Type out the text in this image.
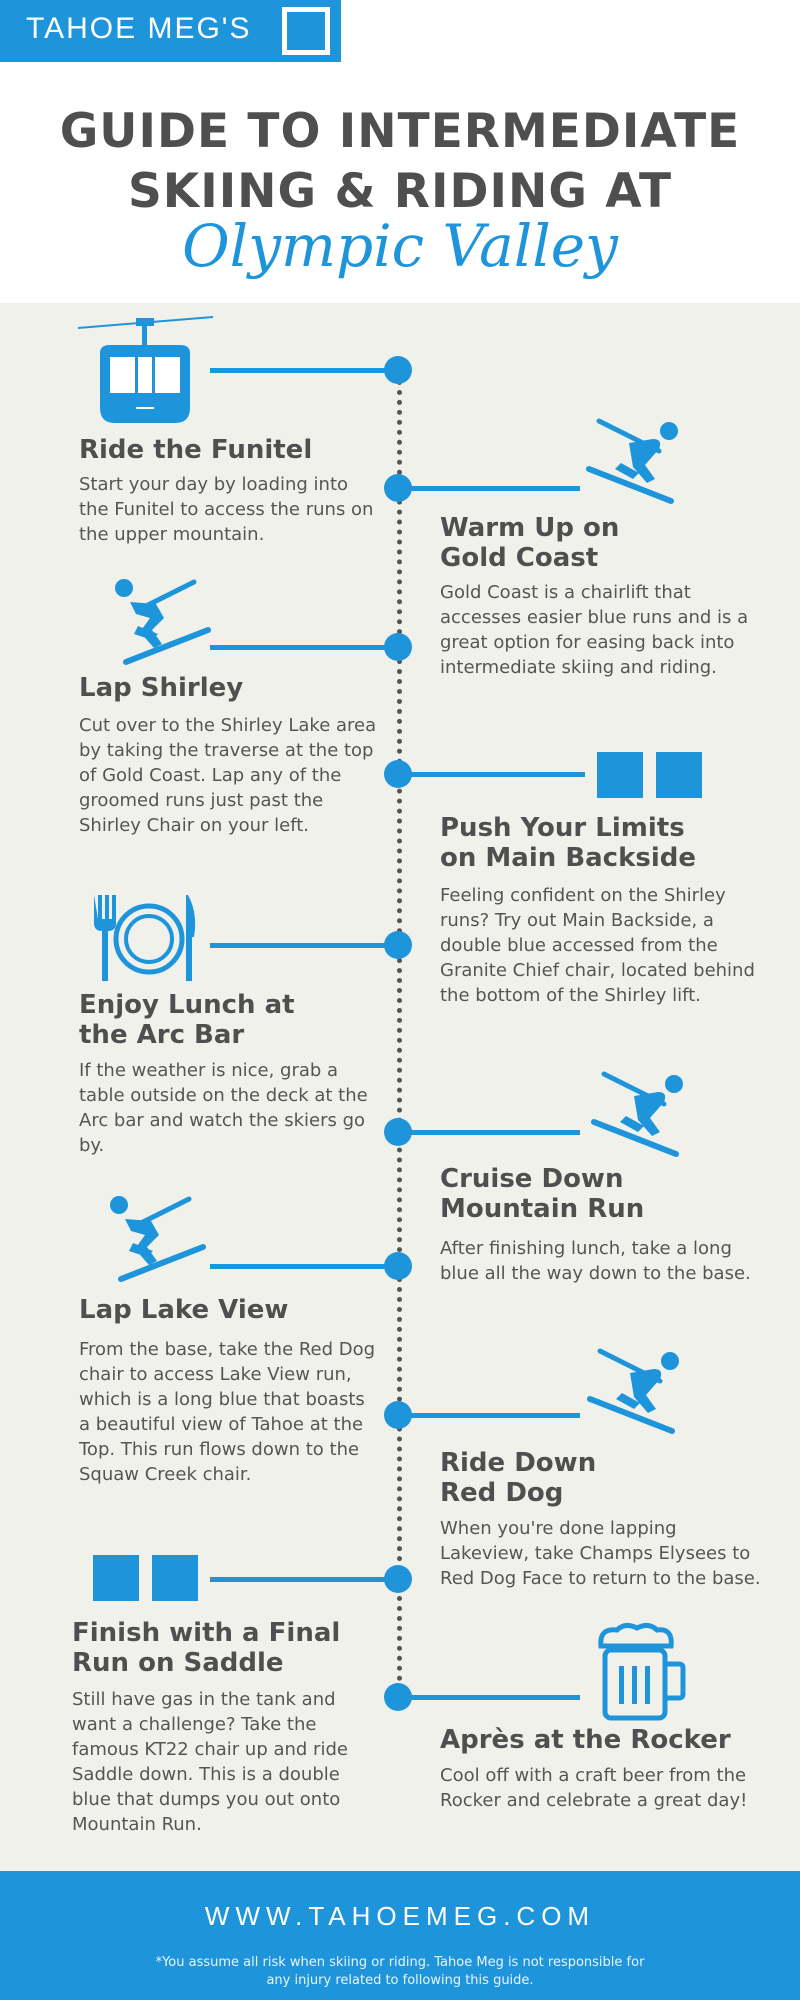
TAHOE MEG'S
GUIDE TO INTERMEDIATE
SKIING & RIDING AT
Olympic Valley
Ride the Funitel
Start your day by loading into the Funitel to access the runs on the upper mountain.	Warm Up on
Gold Coast
Gold Coast is a chairlift that accesses easier blue runs and is a great option for easing back into intermediate skiing and riding.
Lap Shirley
Cut over to the Shirley Lake area by taking the traverse at the top of Gold Coast. Lap any of the groomed runs just past the Shirley Chair on your left.	Push Your Limits
on Main Backside
Feeling confident on the Shirley runs? Try out Main Backside, a double blue accessed from the Granite Chief chair, located behind the bottom of the Shirley lift.
Enjoy Lunch at
the Arc Bar
If the weather is nice, grab a table outside on the deck at the Arc bar and watch the skiers go by.
Cruise Down
Mountain Run
After finishing lunch, take a long blue all the way down to the base.
Lap Lake View
From the base, take the Red Dog chair to access Lake View run, which is a long blue that boasts a beautiful view of Tahoe at the Top. This run flows down to the Squaw Creek chair.	Ride Down
Red Dog
When you're done lapping Lakeview, take Champs Elysees to Red Dog Face to return to the base.
Finish with a Final
Run on Saddle
Still have gas in the tank and want a challenge? Take the famous KT22 chair up and ride Saddle down. This is a double blue that dumps you out onto Mountain Run.
Après at the Rocker
Cool off with a craft beer from the Rocker and celebrate a great day!
WWW.TAHOEMEG.COM
*You assume all risk when skiing or riding. Tahoe Meg is not responsible for any injury related to following this guide.
